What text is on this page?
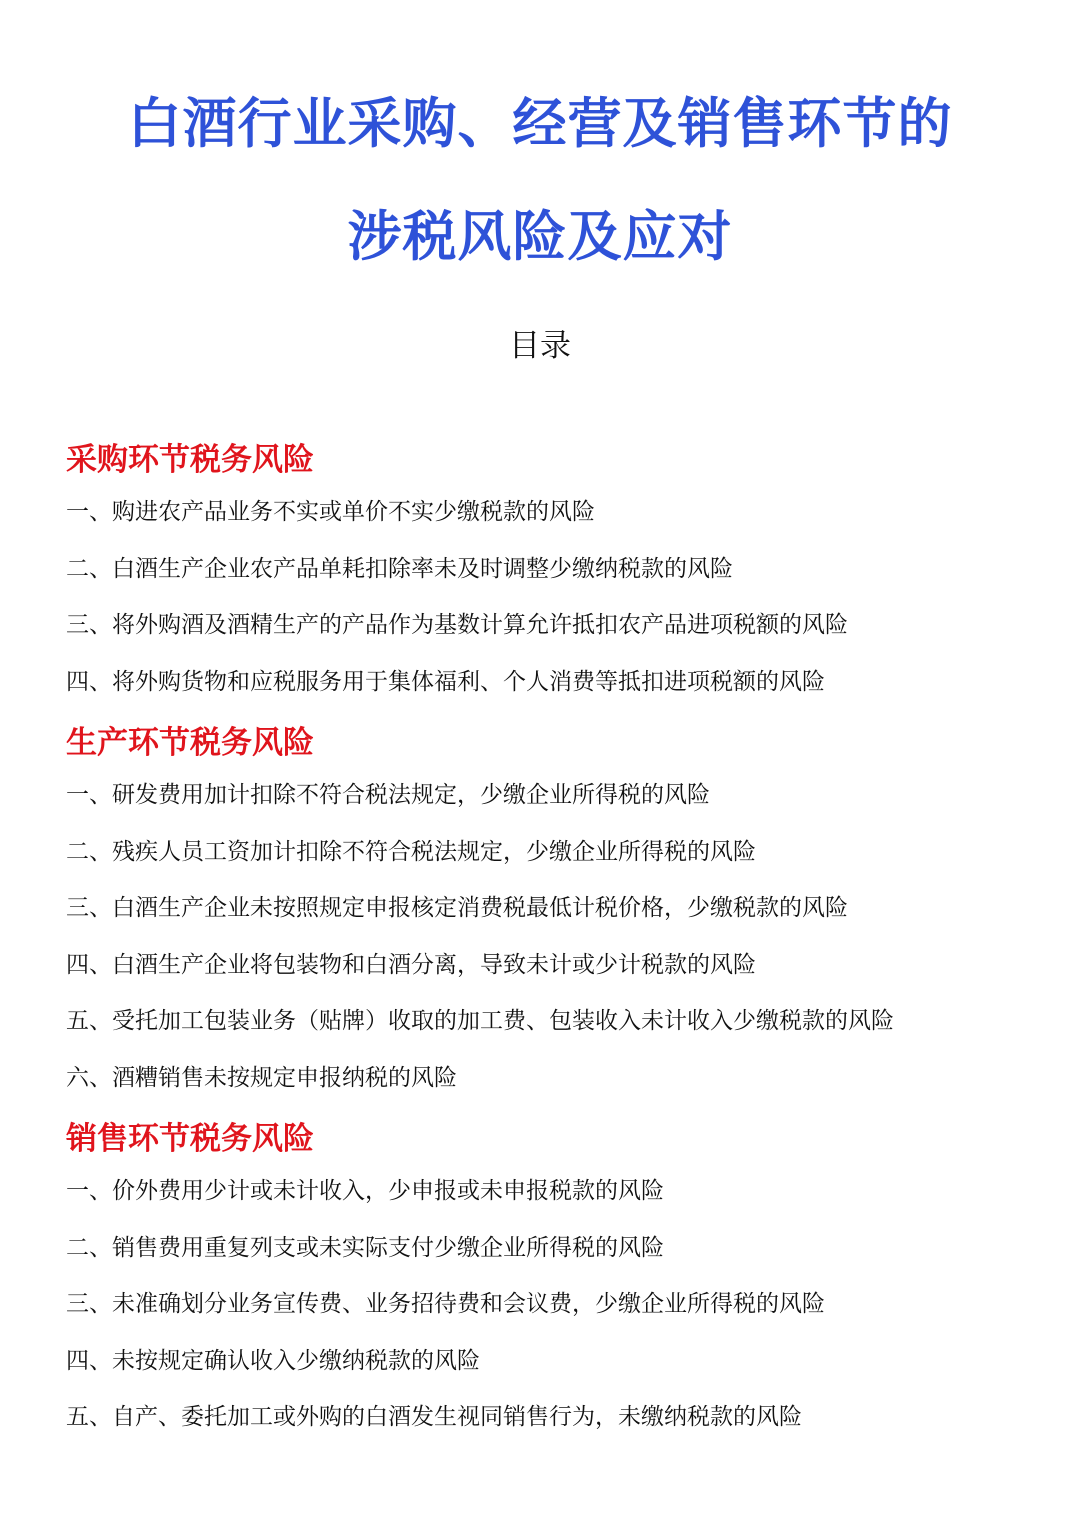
白酒行业采购、经营及销售环节的
涉税风险及应对
目录
采购环节税务风险
一、购进农产品业务不实或单价不实少缴税款的风险
二、白酒生产企业农产品单耗扣除率未及时调整少缴纳税款的风险
三、将外购酒及酒精生产的产品作为基数计算允许抵扣农产品进项税额的风险
四、将外购货物和应税服务用于集体福利、个人消费等抵扣进项税额的风险
生产环节税务风险
一、研发费用加计扣除不符合税法规定，少缴企业所得税的风险
二、残疾人员工资加计扣除不符合税法规定，少缴企业所得税的风险
三、白酒生产企业未按照规定申报核定消费税最低计税价格，少缴税款的风险
四、白酒生产企业将包装物和白酒分离，导致未计或少计税款的风险
五、受托加工包装业务（贴牌）收取的加工费、包装收入未计收入少缴税款的风险
六、酒糟销售未按规定申报纳税的风险
销售环节税务风险
一、价外费用少计或未计收入，少申报或未申报税款的风险
二、销售费用重复列支或未实际支付少缴企业所得税的风险
三、未准确划分业务宣传费、业务招待费和会议费，少缴企业所得税的风险
四、未按规定确认收入少缴纳税款的风险
五、自产、委托加工或外购的白酒发生视同销售行为，未缴纳税款的风险
